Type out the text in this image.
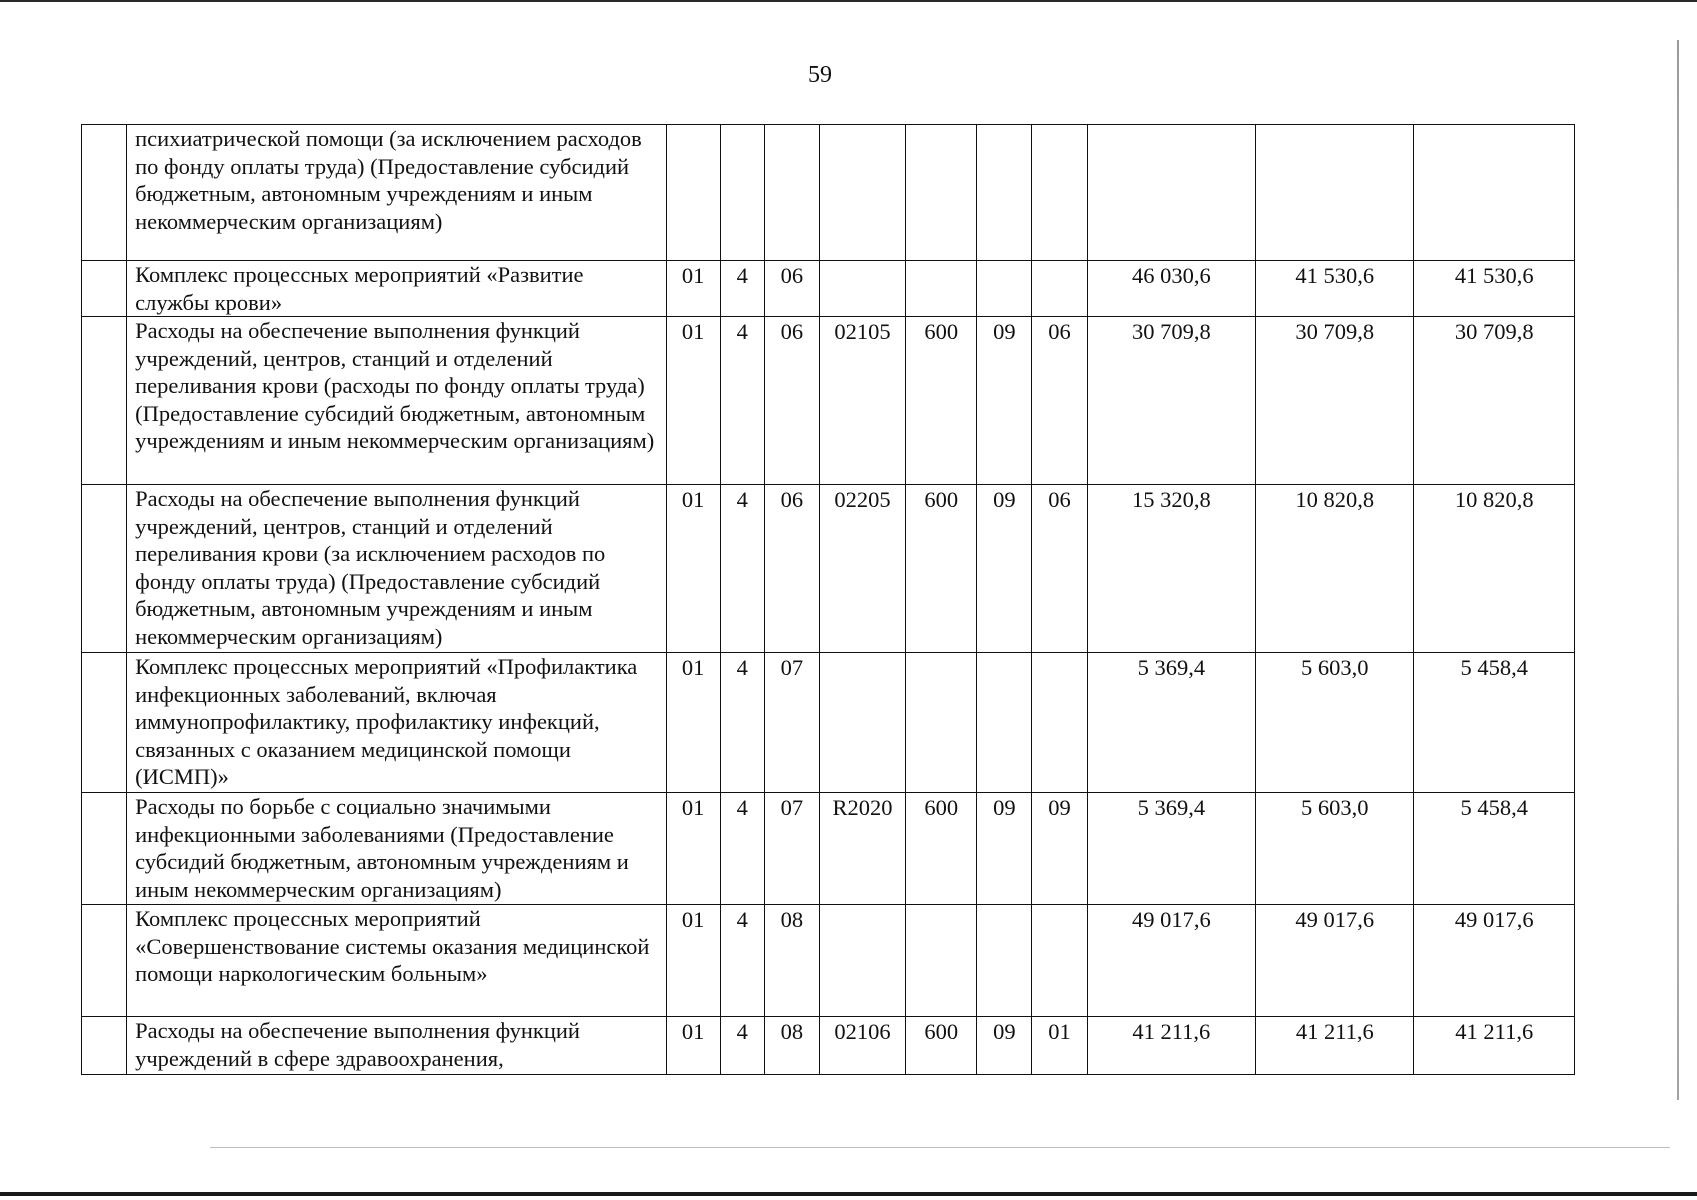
59
	психиатрической помощи (за исключением расходов по фонду оплаты труда) (Предоставление субсидий бюджетным, автономным учреждениям и иным некоммерческим организациям)										
	Комплекс процессных мероприятий «Развитие службы крови»	01	4	06					46 030,6	41 530,6	41 530,6
	Расходы на обеспечение выполнения функций учреждений, центров, станций и отделений переливания крови (расходы по фонду оплаты труда) (Предоставление субсидий бюджетным, автономным учреждениям и иным некоммерческим организациям)	01	4	06	02105	600	09	06	30 709,8	30 709,8	30 709,8
	Расходы на обеспечение выполнения функций учреждений, центров, станций и отделений переливания крови (за исключением расходов по фонду оплаты труда) (Предоставление субсидий бюджетным, автономным учреждениям и иным некоммерческим организациям)	01	4	06	02205	600	09	06	15 320,8	10 820,8	10 820,8
	Комплекс процессных мероприятий «Профилактика инфекционных заболеваний, включая иммунопрофилактику, профилактику инфекций, связанных с оказанием медицинской помощи (ИСМП)»	01	4	07					5 369,4	5 603,0	5 458,4
	Расходы по борьбе с социально значимыми инфекционными заболеваниями (Предоставление субсидий бюджетным, автономным учреждениям и иным некоммерческим организациям)	01	4	07	R2020	600	09	09	5 369,4	5 603,0	5 458,4
	Комплекс процессных мероприятий «Совершенствование системы оказания медицинской помощи наркологическим больным»	01	4	08					49 017,6	49 017,6	49 017,6
	Расходы на обеспечение выполнения функций учреждений в сфере здравоохранения,	01	4	08	02106	600	09	01	41 211,6	41 211,6	41 211,6
